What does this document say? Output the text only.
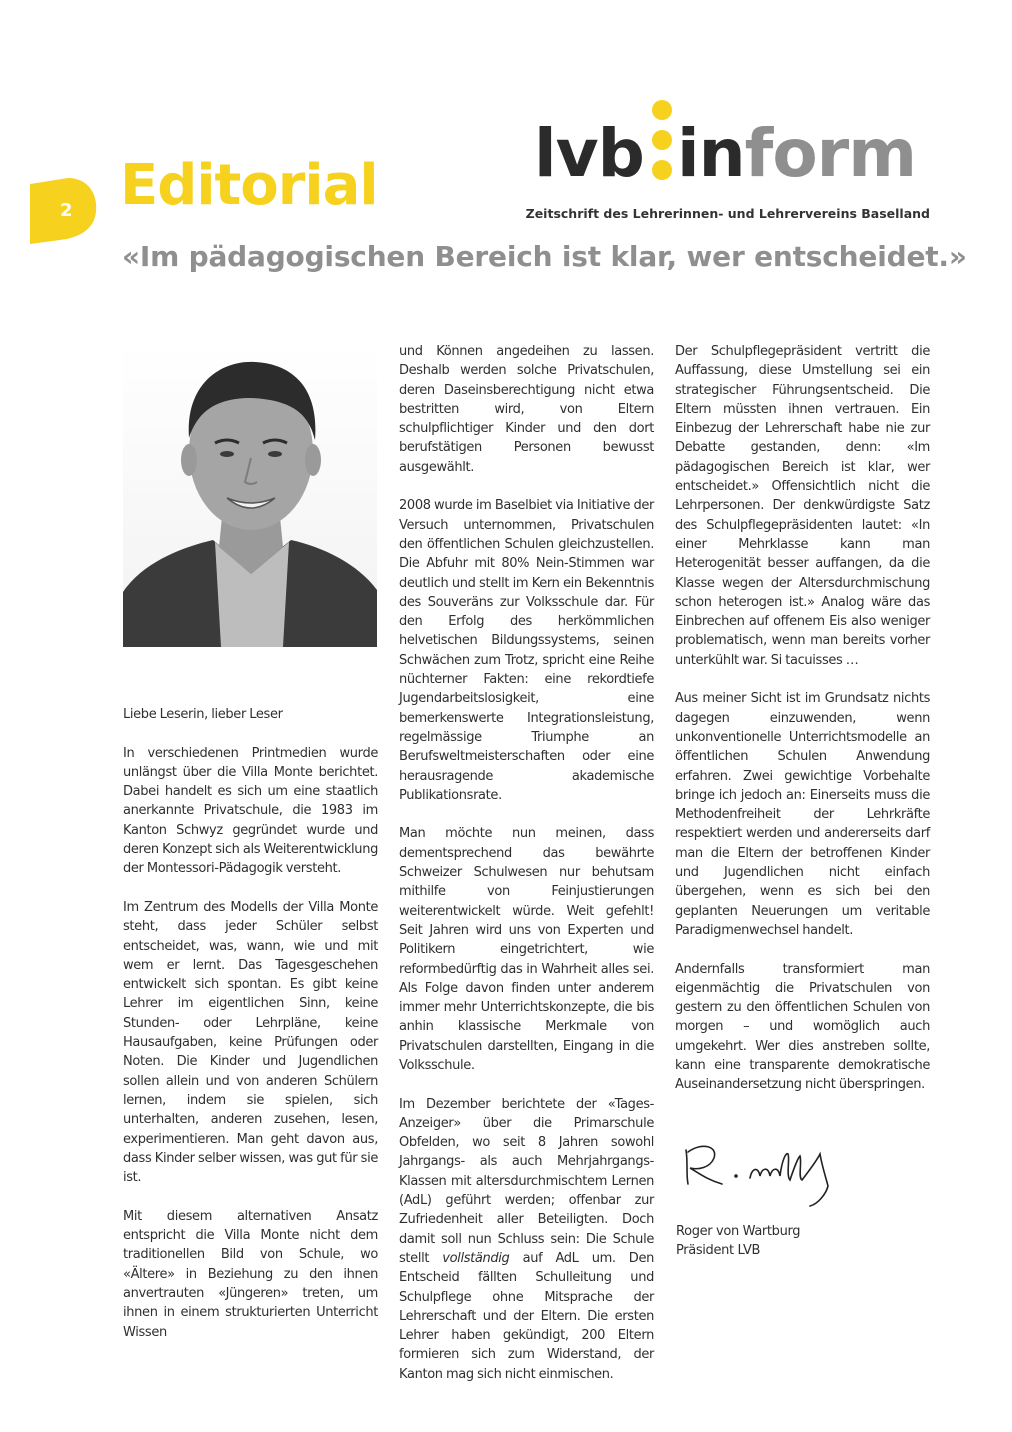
2 Editorial lvb inform
Zeitschrift des Lehrerinnen- und Lehrervereins Baselland
«Im pädagogischen Bereich ist klar, wer entscheidet.»

Liebe Leserin, lieber Leser

In verschiedenen Printmedien wurde unlängst über die Villa Monte berichtet. Dabei handelt es sich um eine staatlich anerkannte Privatschule, die 1983 im Kanton Schwyz gegründet wurde und deren Konzept sich als Weiterentwicklung der Montessori-Pädagogik versteht.

Im Zentrum des Modells der Villa Monte steht, dass jeder Schüler selbst entscheidet, was, wann, wie und mit wem er lernt. Das Tagesgeschehen entwickelt sich spontan. Es gibt keine Lehrer im eigentlichen Sinn, keine Stunden- oder Lehrpläne, keine Hausaufgaben, keine Prüfungen oder Noten. Die Kinder und Jugendlichen sollen allein und von anderen Schülern lernen, indem sie spielen, sich unterhalten, anderen zusehen, lesen, experimentieren. Man geht davon aus, dass Kinder selber wissen, was gut für sie ist.

Mit diesem alternativen Ansatz entspricht die Villa Monte nicht dem traditionellen Bild von Schule, wo «Ältere» in Beziehung zu den ihnen anvertrauten «Jüngeren» treten, um ihnen in einem strukturierten Unterricht Wissen

und Können angedeihen zu lassen. Deshalb werden solche Privatschulen, deren Daseinsberechtigung nicht etwa bestritten wird, von Eltern schulpflichtiger Kinder und den dort berufstätigen Personen bewusst ausgewählt.

2008 wurde im Baselbiet via Initiative der Versuch unternommen, Privatschulen den öffentlichen Schulen gleichzustellen. Die Abfuhr mit 80% Nein-Stimmen war deutlich und stellt im Kern ein Bekenntnis des Souveräns zur Volksschule dar. Für den Erfolg des herkömmlichen helvetischen Bildungssystems, seinen Schwächen zum Trotz, spricht eine Reihe nüchterner Fakten: eine rekordtiefe Jugendarbeitslosigkeit, eine bemerkenswerte Integrationsleistung, regelmässige Triumphe an Berufsweltmeisterschaften oder eine herausragende akademische Publikationsrate.

Man möchte nun meinen, dass dementsprechend das bewährte Schweizer Schulwesen nur behutsam mithilfe von Feinjustierungen weiterentwickelt würde. Weit gefehlt! Seit Jahren wird uns von Experten und Politikern eingetrichtert, wie reformbedürftig das in Wahrheit alles sei. Als Folge davon finden unter anderem immer mehr Unterrichtskonzepte, die bis anhin klassische Merkmale von Privatschulen darstellten, Eingang in die Volksschule.

Im Dezember berichtete der «Tages-Anzeiger» über die Primarschule Obfelden, wo seit 8 Jahren sowohl Jahrgangs- als auch Mehrjahrgangs-Klassen mit altersdurchmischtem Lernen (AdL) geführt werden; offenbar zur Zufriedenheit aller Beteiligten. Doch damit soll nun Schluss sein: Die Schule stellt vollständig auf AdL um. Den Entscheid fällten Schulleitung und Schulpflege ohne Mitsprache der Lehrerschaft und der Eltern. Die ersten Lehrer haben gekündigt, 200 Eltern formieren sich zum Widerstand, der Kanton mag sich nicht einmischen.

Der Schulpflegepräsident vertritt die Auffassung, diese Umstellung sei ein strategischer Führungsentscheid. Die Eltern müssten ihnen vertrauen. Ein Einbezug der Lehrerschaft habe nie zur Debatte gestanden, denn: «Im pädagogischen Bereich ist klar, wer entscheidet.» Offensichtlich nicht die Lehrpersonen. Der denkwürdigste Satz des Schulpflegepräsidenten lautet: «In einer Mehrklasse kann man Heterogenität besser auffangen, da die Klasse wegen der Altersdurchmischung schon heterogen ist.» Analog wäre das Einbrechen auf offenem Eis also weniger problematisch, wenn man bereits vorher unterkühlt war. Si tacuisses …

Aus meiner Sicht ist im Grundsatz nichts dagegen einzuwenden, wenn unkonventionelle Unterrichtsmodelle an öffentlichen Schulen Anwendung erfahren. Zwei gewichtige Vorbehalte bringe ich jedoch an: Einerseits muss die Methodenfreiheit der Lehrkräfte respektiert werden und andererseits darf man die Eltern der betroffenen Kinder und Jugendlichen nicht einfach übergehen, wenn es sich bei den geplanten Neuerungen um veritable Paradigmenwechsel handelt.

Andernfalls transformiert man eigenmächtig die Privatschulen von gestern zu den öffentlichen Schulen von morgen – und womöglich auch umgekehrt. Wer dies anstreben sollte, kann eine transparente demokratische Auseinandersetzung nicht überspringen.

Roger von Wartburg
Präsident LVB
